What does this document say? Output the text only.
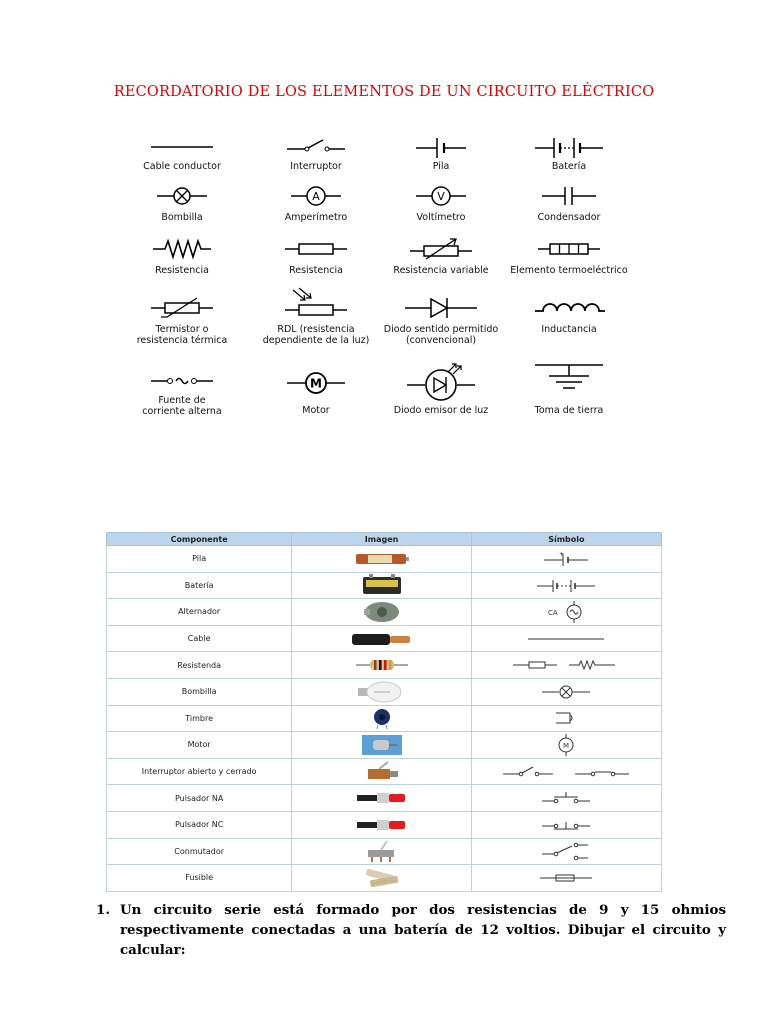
RECORDATORIO DE LOS ELEMENTOS DE UN CIRCUITO ELÉCTRICO
Cable conductor	Interruptor	Pila	Batería
Bombilla
A
Amperímetro
V
Voltímetro	Condensador
Resistencia	Resistencia	Resistencia variable	Elemento termoeléctrico
Termistor o
resistencia térmica
RDL (resistencia
dependiente de la luz)
Diodo sentido permitido
(convencional)
Inductancia
Fuente de
corriente alterna
M
Motor	Diodo emisor de luz	Toma de tierra
Componente	Imagen	Símbolo
Pila		+

Batería	

Alternador		CA

Cable	

Resistenda	

Bombilla	

Timbre	

Motor		M

Interruptor abierto y cerrado	

Pulsador NA	

Pulsador NC	

Conmutador	

Fusible	

1. Un circuito serie está formado por dos resistencias de 9 y 15 ohmios respectivamente conectadas a una batería de 12 voltios. Dibujar el circuito y calcular:
